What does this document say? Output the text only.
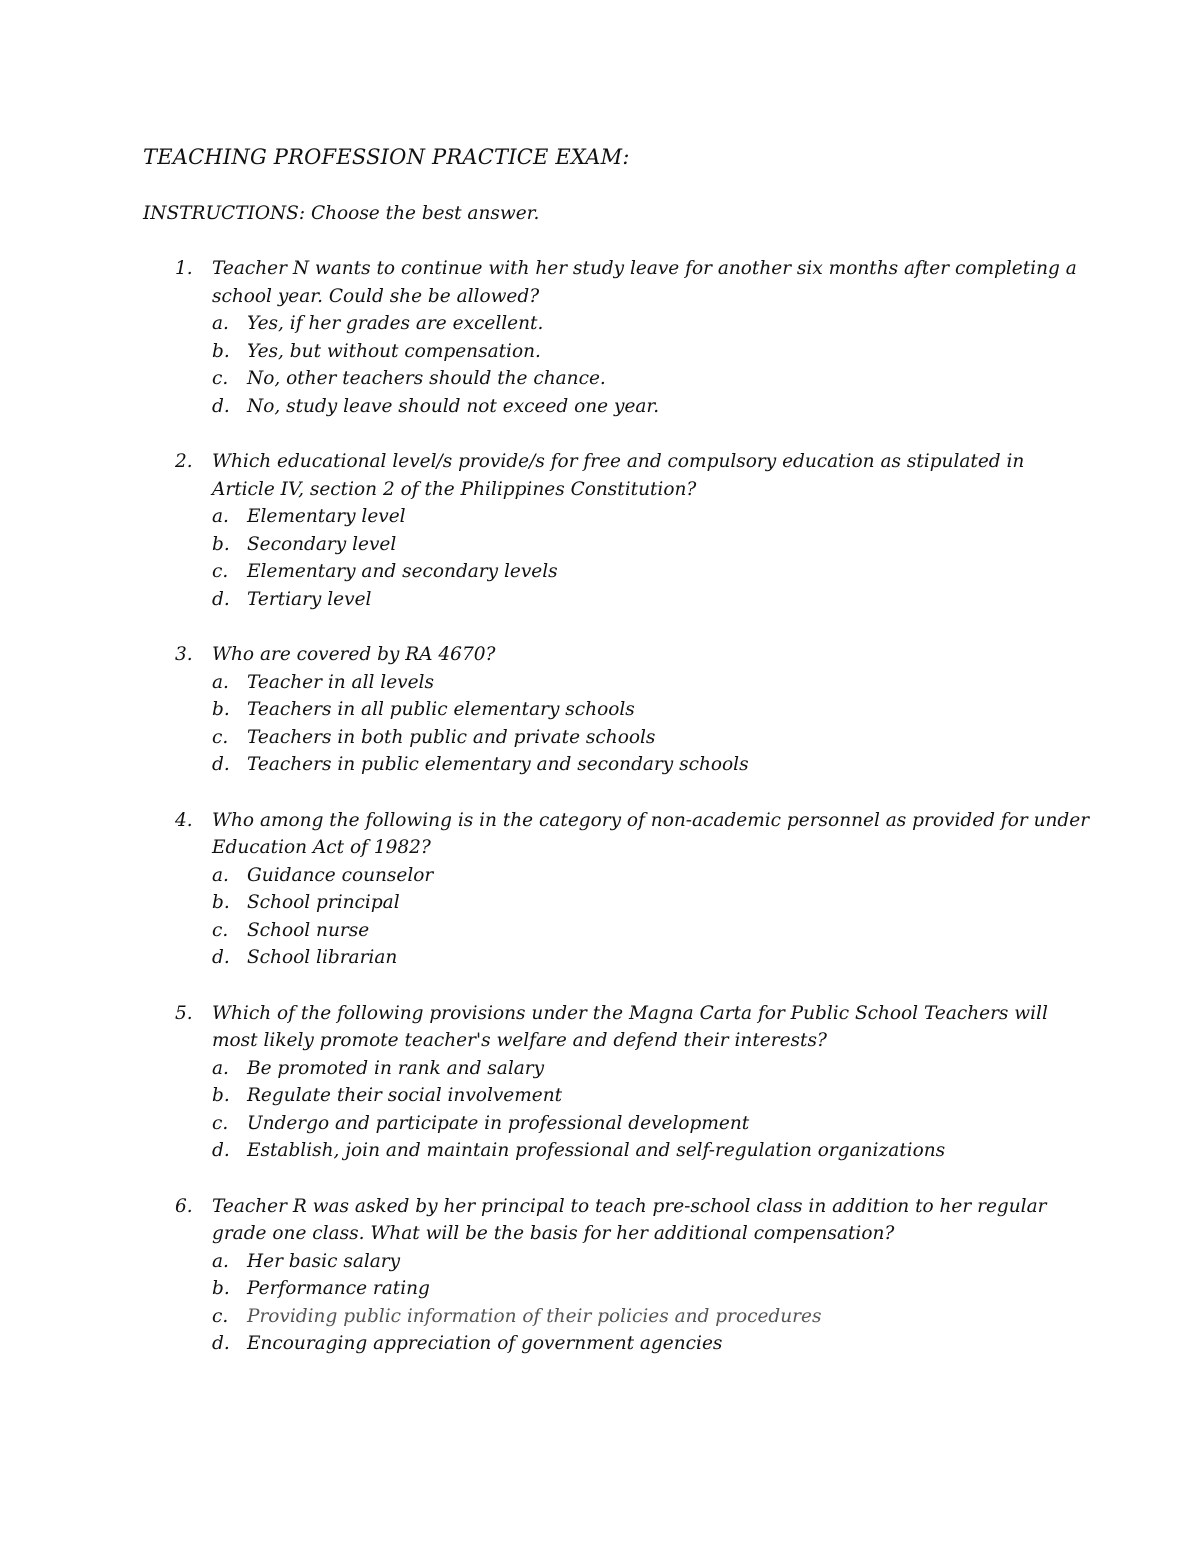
TEACHING PROFESSION PRACTICE EXAM:
INSTRUCTIONS: Choose the best answer.
1. Teacher N wants to continue with her study leave for another six months after completing a school year. Could she be allowed?
a. Yes, if her grades are excellent.
b. Yes, but without compensation.
c. No, other teachers should the chance.
d. No, study leave should not exceed one year.
2. Which educational level/s provide/s for free and compulsory education as stipulated in Article IV, section 2 of the Philippines Constitution?
a. Elementary level
b. Secondary level
c. Elementary and secondary levels
d. Tertiary level
3. Who are covered by RA 4670?
a. Teacher in all levels
b. Teachers in all public elementary schools
c. Teachers in both public and private schools
d. Teachers in public elementary and secondary schools
4. Who among the following is in the category of non-academic personnel as provided for under Education Act of 1982?
a. Guidance counselor
b. School principal
c. School nurse
d. School librarian
5. Which of the following provisions under the Magna Carta for Public School Teachers will most likely promote teacher's welfare and defend their interests?
a. Be promoted in rank and salary
b. Regulate their social involvement
c. Undergo and participate in professional development
d. Establish, join and maintain professional and self-regulation organizations
6. Teacher R was asked by her principal to teach pre-school class in addition to her regular grade one class. What will be the basis for her additional compensation?
a. Her basic salary
b. Performance rating
c. Providing public information of their policies and procedures
d. Encouraging appreciation of government agencies
